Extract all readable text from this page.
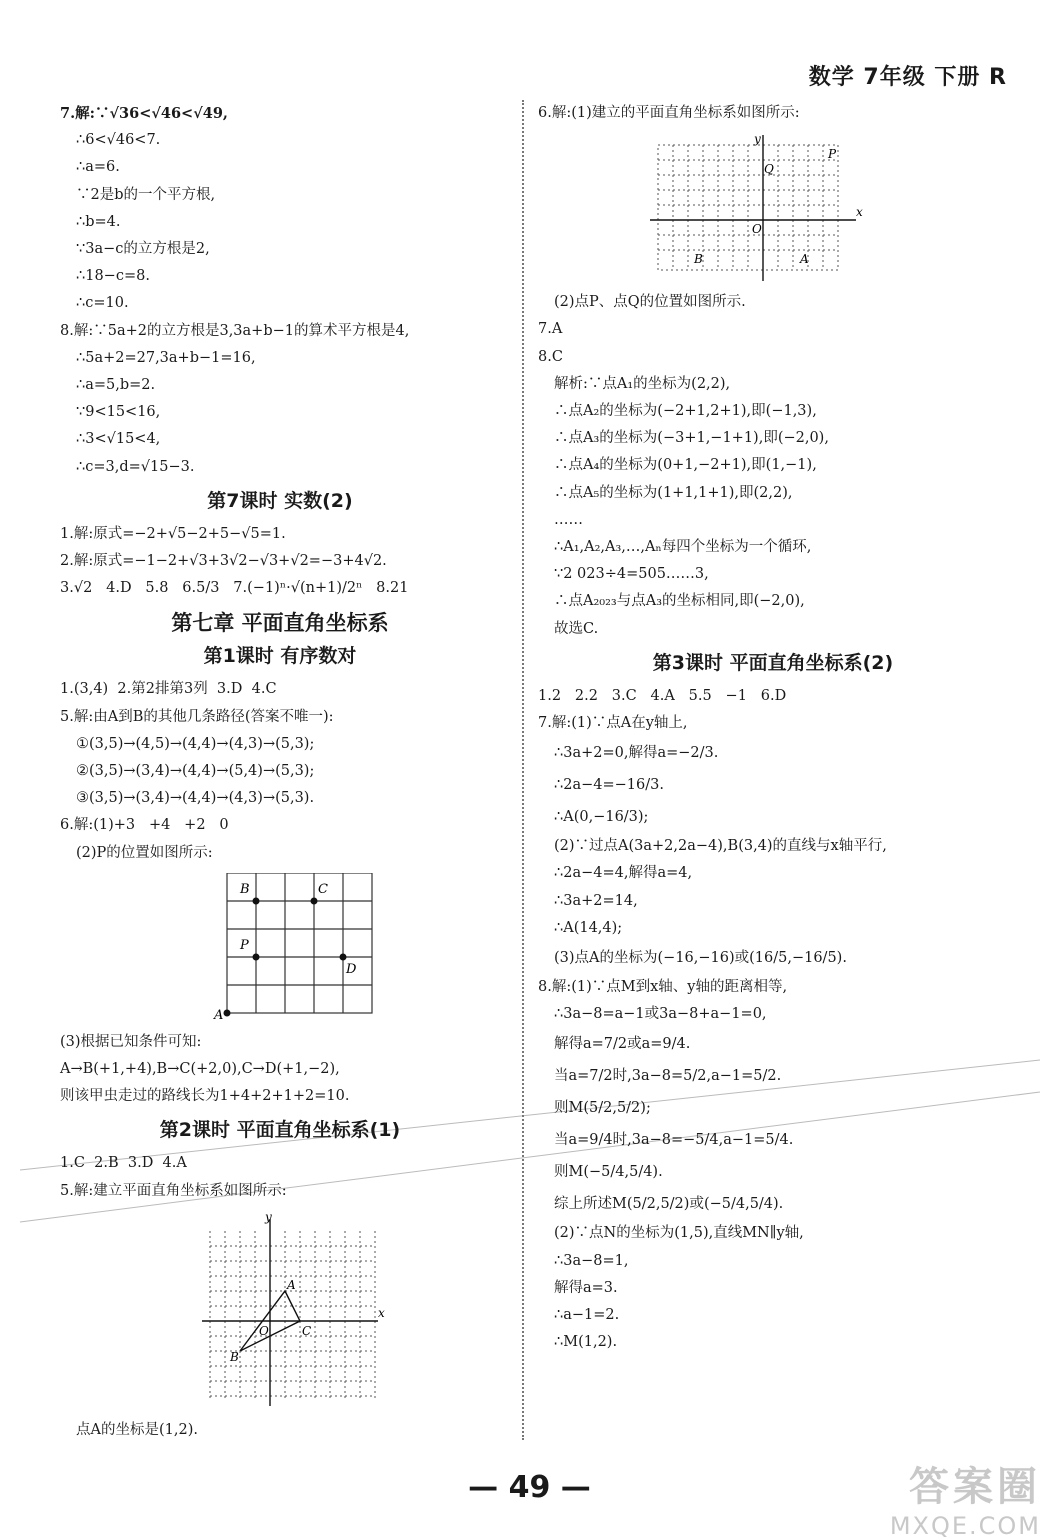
数学 7年级 下册 R
7.解:∵√36<√46<√49,
∴6<√46<7.
∴a=6.
∵2是b的一个平方根,
∴b=4.
∵3a−c的立方根是2,
∴18−c=8.
∴c=10.
8.解:∵5a+2的立方根是3,3a+b−1的算术平方根是4,
∴5a+2=27,3a+b−1=16,
∴a=5,b=2.
∵9<15<16,
∴3<√15<4,
∴c=3,d=√15−3.
第7课时 实数(2)
1.解:原式=−2+√5−2+5−√5=1.
2.解:原式=−1−2+√3+3√2−√3+√2=−3+4√2.
3.√2   4.D   5.8   6.5/3   7.(−1)ⁿ·√(n+1)/2ⁿ   8.21
第七章 平面直角坐标系
第1课时 有序数对
1.(3,4)  2.第2排第3列  3.D  4.C
5.解:由A到B的其他几条路径(答案不唯一):
①(3,5)→(4,5)→(4,4)→(4,3)→(5,3);
②(3,5)→(3,4)→(4,4)→(5,4)→(5,3);
③(3,5)→(3,4)→(4,4)→(4,3)→(5,3).
6.解:(1)+3   +4   +2   0
(2)P的位置如图所示:
B	C
P
D
A
(3)根据已知条件可知:
A→B(+1,+4),B→C(+2,0),C→D(+1,−2),
则该甲虫走过的路线长为1+4+2+1+2=10.
第2课时 平面直角坐标系(1)
1.C  2.B  3.D  4.A
5.解:建立平面直角坐标系如图所示:
y
x
O
A
B
C
点A的坐标是(1,2).
6.解:(1)建立的平面直角坐标系如图所示:
y
x
O
P
Q
B	A
(2)点P、点Q的位置如图所示.
7.A
8.C
解析:∵点A₁的坐标为(2,2),
∴点A₂的坐标为(−2+1,2+1),即(−1,3),
∴点A₃的坐标为(−3+1,−1+1),即(−2,0),
∴点A₄的坐标为(0+1,−2+1),即(1,−1),
∴点A₅的坐标为(1+1,1+1),即(2,2),
……
∴A₁,A₂,A₃,…,Aₙ每四个坐标为一个循环,
∵2 023÷4=505……3,
∴点A₂₀₂₃与点A₃的坐标相同,即(−2,0),
故选C.
第3课时 平面直角坐标系(2)
1.2   2.2   3.C   4.A   5.5   −1   6.D
7.解:(1)∵点A在y轴上,
∴3a+2=0,解得a=−2/3.
∴2a−4=−16/3.
∴A(0,−16/3);
(2)∵过点A(3a+2,2a−4),B(3,4)的直线与x轴平行,
∴2a−4=4,解得a=4,
∴3a+2=14,
∴A(14,4);
(3)点A的坐标为(−16,−16)或(16/5,−16/5).
8.解:(1)∵点M到x轴、y轴的距离相等,
∴3a−8=a−1或3a−8+a−1=0,
解得a=7/2或a=9/4.
当a=7/2时,3a−8=5/2,a−1=5/2.
则M(5/2,5/2);
当a=9/4时,3a−8=−5/4,a−1=5/4.
则M(−5/4,5/4).
综上所述M(5/2,5/2)或(−5/4,5/4).
(2)∵点N的坐标为(1,5),直线MN∥y轴,
∴3a−8=1,
解得a=3.
∴a−1=2.
∴M(1,2).
— 49 —	答案圈
MXQE.COM
